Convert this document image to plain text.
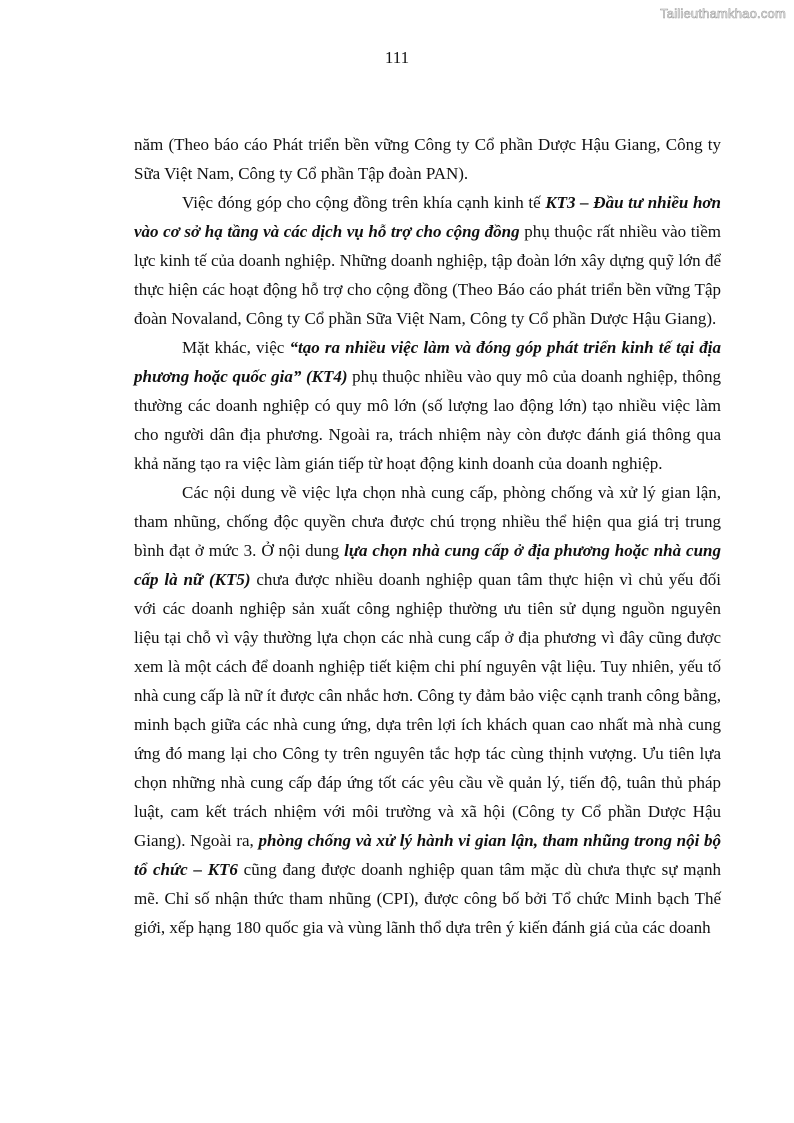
Tailieuthamkhao.com
111

năm (Theo báo cáo Phát triển bền vững Công ty Cổ phần Dược Hậu Giang, Công ty Sữa Việt Nam, Công ty Cổ phần Tập đoàn PAN).

Việc đóng góp cho cộng đồng trên khía cạnh kinh tế KT3 – Đầu tư nhiều hơn vào cơ sở hạ tầng và các dịch vụ hỗ trợ cho cộng đồng phụ thuộc rất nhiều vào tiềm lực kinh tế của doanh nghiệp. Những doanh nghiệp, tập đoàn lớn xây dựng quỹ lớn để thực hiện các hoạt động hỗ trợ cho cộng đồng (Theo Báo cáo phát triển bền vững Tập đoàn Novaland, Công ty Cổ phần Sữa Việt Nam, Công ty Cổ phần Dược Hậu Giang).

Mặt khác, việc “tạo ra nhiều việc làm và đóng góp phát triển kinh tế tại địa phương hoặc quốc gia” (KT4) phụ thuộc nhiều vào quy mô của doanh nghiệp, thông thường các doanh nghiệp có quy mô lớn (số lượng lao động lớn) tạo nhiều việc làm cho người dân địa phương. Ngoài ra, trách nhiệm này còn được đánh giá thông qua khả năng tạo ra việc làm gián tiếp từ hoạt động kinh doanh của doanh nghiệp.

Các nội dung về việc lựa chọn nhà cung cấp, phòng chống và xử lý gian lận, tham nhũng, chống độc quyền chưa được chú trọng nhiều thể hiện qua giá trị trung bình đạt ở mức 3. Ở nội dung lựa chọn nhà cung cấp ở địa phương hoặc nhà cung cấp là nữ (KT5) chưa được nhiều doanh nghiệp quan tâm thực hiện vì chủ yếu đối với các doanh nghiệp sản xuất công nghiệp thường ưu tiên sử dụng nguồn nguyên liệu tại chỗ vì vậy thường lựa chọn các nhà cung cấp ở địa phương vì đây cũng được xem là một cách để doanh nghiệp tiết kiệm chi phí nguyên vật liệu. Tuy nhiên, yếu tố nhà cung cấp là nữ ít được cân nhắc hơn. Công ty đảm bảo việc cạnh tranh công bằng, minh bạch giữa các nhà cung ứng, dựa trên lợi ích khách quan cao nhất mà nhà cung ứng đó mang lại cho Công ty trên nguyên tắc hợp tác cùng thịnh vượng. Ưu tiên lựa chọn những nhà cung cấp đáp ứng tốt các yêu cầu về quản lý, tiến độ, tuân thủ pháp luật, cam kết trách nhiệm với môi trường và xã hội (Công ty Cổ phần Dược Hậu Giang). Ngoài ra, phòng chống và xử lý hành vi gian lận, tham nhũng trong nội bộ tổ chức – KT6 cũng đang được doanh nghiệp quan tâm mặc dù chưa thực sự mạnh mẽ. Chỉ số nhận thức tham nhũng (CPI), được công bố bởi Tổ chức Minh bạch Thế giới, xếp hạng 180 quốc gia và vùng lãnh thổ dựa trên ý kiến đánh giá của các doanh
